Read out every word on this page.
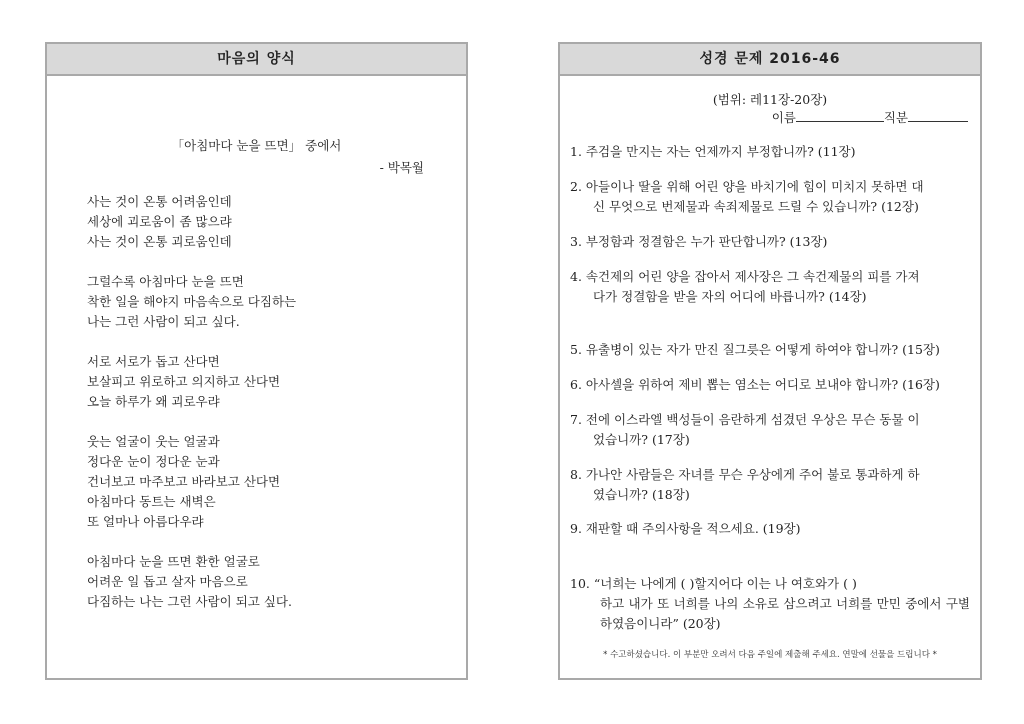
마음의 양식
「아침마다 눈을 뜨면」 중에서
- 박목월
사는 것이 온통 어려움인데
세상에 괴로움이 좀 많으랴
사는 것이 온통 괴로움인데
그럴수록 아침마다 눈을 뜨면
착한 일을 해야지 마음속으로 다짐하는
나는 그런 사람이 되고 싶다.
서로 서로가 돕고 산다면
보살피고 위로하고 의지하고 산다면
오늘 하루가 왜 괴로우랴
웃는 얼굴이 웃는 얼굴과
정다운 눈이 정다운 눈과
건너보고 마주보고 바라보고 산다면
아침마다 동트는 새벽은
또 얼마나 아름다우랴
아침마다 눈을 뜨면 환한 얼굴로
어려운 일 돕고 살자 마음으로
다짐하는 나는 그런 사람이 되고 싶다.
성경 문제 2016-46
(범위: 레11장-20장)
이름	직분
1. 주검을 만지는 자는 언제까지 부정합니까? (11장)
2. 아들이나 딸을 위해 어린 양을 바치기에 힘이 미치지 못하면 대
신 무엇으로 번제물과 속죄제물로 드릴 수 있습니까? (12장)
3. 부정함과 정결함은 누가 판단합니까? (13장)
4. 속건제의 어린 양을 잡아서 제사장은 그 속건제물의 피를 가져
다가 정결함을 받을 자의 어디에 바릅니까? (14장)
5. 유출병이 있는 자가 만진 질그릇은 어떻게 하여야 합니까? (15장)
6. 아사셀을 위하여 제비 뽑는 염소는 어디로 보내야 합니까? (16장)
7. 전에 이스라엘 백성들이 음란하게 섬겼던 우상은 무슨 동물 이
었습니까? (17장)
8. 가나안 사람들은 자녀를 무슨 우상에게 주어 불로 통과하게 하
였습니까? (18장)
9. 재판할 때 주의사항을 적으세요. (19장)
10. “너희는 나에게 ( )할지어다 이는 나 여호와가 ( )
하고 내가 또 너희를 나의 소유로 삼으려고 너희를 만민 중에서 구별하였음이니라” (20장)
* 수고하셨습니다. 이 부분만 오려서 다음 주일에 제출해 주세요. 연말에 선물을 드립니다 *
